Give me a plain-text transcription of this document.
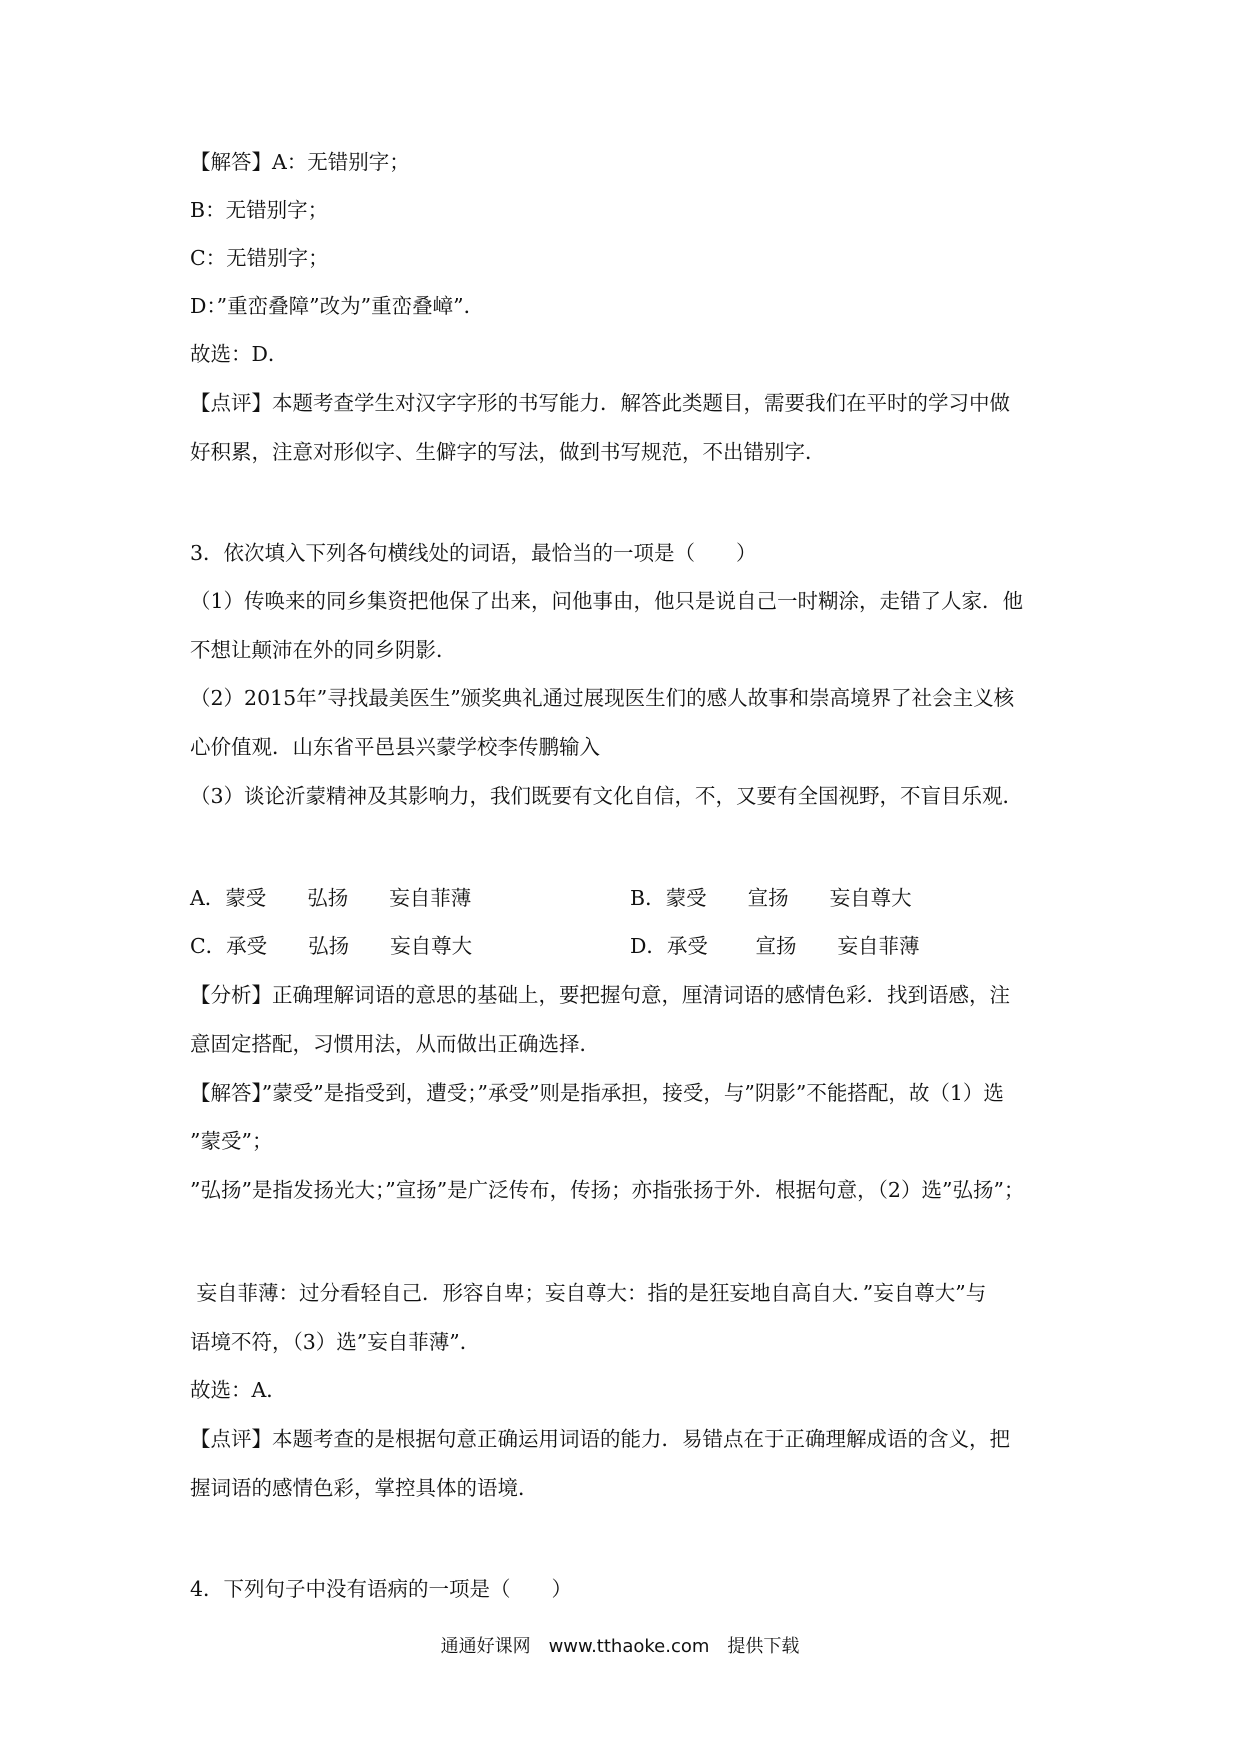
【解答】A：无错别字；
B：无错别字；
C：无错别字；
D：”重峦叠障”改为”重峦叠嶂”．
故选：D．
【点评】本题考查学生对汉字字形的书写能力．解答此类题目，需要我们在平时的学习中做
好积累，注意对形似字、生僻字的写法，做到书写规范，不出错别字．
3．依次填入下列各句横线处的词语，最恰当的一项是（　　）
（1）传唤来的同乡集资把他保了出来，问他事由，他只是说自己一时糊涂，走错了人家．他
不想让颠沛在外的同乡阴影．
（2）2015年”寻找最美医生”颁奖典礼通过展现医生们的感人故事和崇高境界了社会主义核
心价值观．山东省平邑县兴蒙学校李传鹏输入
（3）谈论沂蒙精神及其影响力，我们既要有文化自信，不，又要有全国视野，不盲目乐观．
A．蒙受　　弘扬　　妄自菲薄	B．蒙受　　宣扬　　妄自尊大
C．承受　　弘扬　　妄自尊大	D．承受　　 宣扬　　妄自菲薄
【分析】正确理解词语的意思的基础上，要把握句意，厘清词语的感情色彩．找到语感，注
意固定搭配，习惯用法，从而做出正确选择．
【解答】”蒙受”是指受到，遭受；”承受”则是指承担，接受，与”阴影”不能搭配，故（1）选
”蒙受”；
”弘扬”是指发扬光大；”宣扬”是广泛传布，传扬；亦指张扬于外．根据句意，（2）选”弘扬”；
妄自菲薄：过分看轻自己．形容自卑；妄自尊大：指的是狂妄地自高自大．”妄自尊大”与
语境不符，（3）选”妄自菲薄”．
故选：A．
【点评】本题考查的是根据句意正确运用词语的能力．易错点在于正确理解成语的含义，把
握词语的感情色彩，掌控具体的语境．
4．下列句子中没有语病的一项是（　　）
通通好课网　www.tthaoke.com　提供下载
